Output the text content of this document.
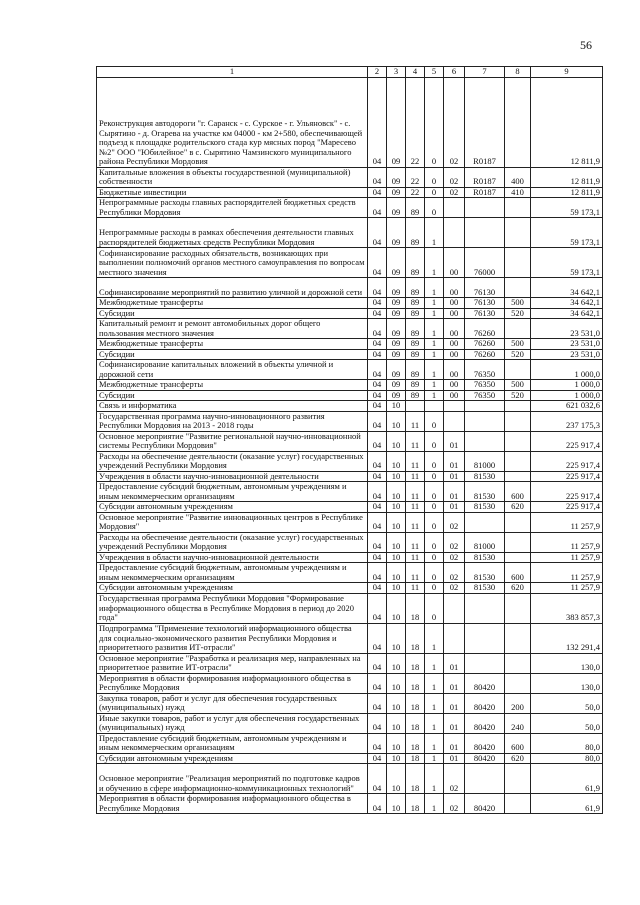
56
1	2	3	4	5	6	7	8	9
Реконструкция автодороги "г. Саранск - с. Сурское - г. Ульяновск" - с. Сырятино - д. Огарева на участке км 04000 - км 2+580, обеспечивающей подъезд к площадке родительского стада кур мясных пород "Маресево №2" ООО "Юбилейное" в с. Сырятино Чамзинского муниципального района Республики Мордовия	04	09	22	0	02	R0187		12 811,9
Капитальные вложения в объекты государственной (муниципальной) собственности	04	09	22	0	02	R0187	400	12 811,9
Бюджетные инвестиции	04	09	22	0	02	R0187	410	12 811,9
Непрограммные расходы главных распорядителей бюджетных средств Республики Мордовия	04	09	89	0				59 173,1
Непрограммные расходы в рамках обеспечения деятельности главных распорядителей бюджетных средств Республики Мордовия	04	09	89	1				59 173,1
Софинансирование расходных обязательств, возникающих при выполнении полномочий органов местного самоуправления по вопросам местного значения	04	09	89	1	00	76000		59 173,1
Софинансирование мероприятий по развитию уличной и дорожной сети	04	09	89	1	00	76130		34 642,1
Межбюджетные трансферты	04	09	89	1	00	76130	500	34 642,1
Субсидии	04	09	89	1	00	76130	520	34 642,1
Капитальный ремонт и ремонт автомобильных дорог общего пользования местного значения	04	09	89	1	00	76260		23 531,0
Межбюджетные трансферты	04	09	89	1	00	76260	500	23 531,0
Субсидии	04	09	89	1	00	76260	520	23 531,0
Софинансирование капитальных вложений в объекты уличной и дорожной сети	04	09	89	1	00	76350		1 000,0
Межбюджетные трансферты	04	09	89	1	00	76350	500	1 000,0
Субсидии	04	09	89	1	00	76350	520	1 000,0
Связь и информатика	04	10						621 032,6
Государственная программа научно-инновационного развития Республики Мордовия на 2013 - 2018 годы	04	10	11	0				237 175,3
Основное мероприятие "Развитие региональной научно-инновационной системы Республики Мордовия"	04	10	11	0	01			225 917,4
Расходы на обеспечение деятельности (оказание услуг) государственных учреждений Республики Мордовия	04	10	11	0	01	81000		225 917,4
Учреждения в области научно-инновационной деятельности	04	10	11	0	01	81530		225 917,4
Предоставление субсидий бюджетным, автономным учреждениям и иным некоммерческим организациям	04	10	11	0	01	81530	600	225 917,4
Субсидии автономным учреждениям	04	10	11	0	01	81530	620	225 917,4
Основное мероприятие "Развитие инновационных центров в Республике Мордовия"	04	10	11	0	02			11 257,9
Расходы на обеспечение деятельности (оказание услуг) государственных учреждений Республики Мордовия	04	10	11	0	02	81000		11 257,9
Учреждения в области научно-инновационной деятельности	04	10	11	0	02	81530		11 257,9
Предоставление субсидий бюджетным, автономным учреждениям и иным некоммерческим организациям	04	10	11	0	02	81530	600	11 257,9
Субсидии автономным учреждениям	04	10	11	0	02	81530	620	11 257,9
Государственная программа Республики Мордовия "Формирование информационного общества в Республике Мордовия в период до 2020 года"	04	10	18	0				383 857,3
Подпрограмма "Применение технологий информационного общества для социально-экономического развития Республики Мордовия и приоритетного развития ИТ-отрасли"	04	10	18	1				132 291,4
Основное мероприятие "Разработка и реализация мер, направленных на приоритетное развитие ИТ-отрасли"	04	10	18	1	01			130,0
Мероприятия в области формирования информационного общества в Республике Мордовия	04	10	18	1	01	80420		130,0
Закупка товаров, работ и услуг для обеспечения государственных (муниципальных) нужд	04	10	18	1	01	80420	200	50,0
Иные закупки товаров, работ и услуг для обеспечения государственных (муниципальных) нужд	04	10	18	1	01	80420	240	50,0
Предоставление субсидий бюджетным, автономным учреждениям и иным некоммерческим организациям	04	10	18	1	01	80420	600	80,0
Субсидии автономным учреждениям	04	10	18	1	01	80420	620	80,0
Основное мероприятие "Реализация мероприятий по подготовке кадров и обучению в сфере информационно-коммуникационных технологий"	04	10	18	1	02			61,9
Мероприятия в области формирования информационного общества в Республике Мордовия	04	10	18	1	02	80420		61,9
